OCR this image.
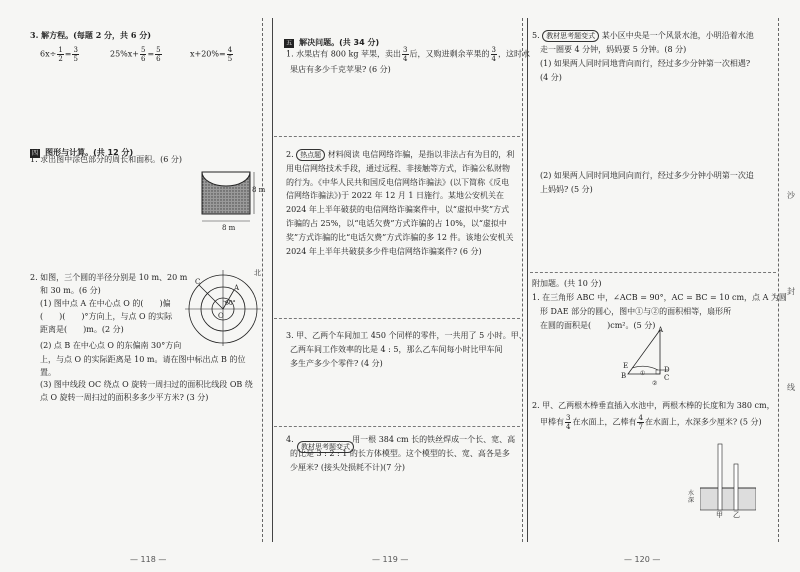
3. 解方程。(每题 2 分，共 6 分)
$6x\div \frac{1}{2} = \frac{3}{5}$	$25\%x+ \frac{5}{6} = \frac{5}{6}$	$x+20\%= \frac{4}{5}$
四 图形与计算。(共 12 分)
1. 求出图中涂色部分的周长和面积。(6 分)
8 m
8 m
2. 如图，三个圆的半径分别是 10 m、20 m
和 30 m。(6 分)
(1) 图中点 A 在中心点 O 的(　　)偏
(　　)(　　)°方向上，与点 O 的实际
距离是(　　)m。(2 分)
(2) 点 B 在中心点 O 的东偏南 30°方向
上，与点 O 的实际距离是 10 m。请在图中标出点 B 的位置。
(3) 图中线段 OC 绕点 O 旋转一周扫过的面积比线段 OB 绕
点 O 旋转一周扫过的面积多多少平方米? (3 分)
北
A
C
O
60°
— 118 —
五 解决问题。(共 34 分)
1. 水果店有 800 kg 苹果，卖出 $\frac{3}{4}$ 后，又购进剩余苹果的 $\frac{3}{4}$ ，这时水
果店有多少千克苹果? (6 分)
2. 热点题 材料阅读 电信网络诈骗，是指以非法占有为目的，利用电信网络技术手段，通过远程、非接触等方式，诈骗公私财物的行为。《中华人民共和国反电信网络诈骗法》(以下简称《反电信网络诈骗法》)于 2022 年 12 月 1 日施行。某地公安机关在 2024 年上半年破获的电信网络诈骗案件中，以“虚拟中奖”方式诈骗的占 25%，以“电话欠费”方式诈骗的占 10%，以“虚拟中奖”方式诈骗的比“电话欠费”方式诈骗的多 12 件。该地公安机关 2024 年上半年共破获多少件电信网络诈骗案件? (6 分)
3. 甲、乙两个车间加工 450 个同样的零件，一共用了 5 小时。甲、
乙两车间工作效率的比是 4 : 5，那么乙车间每小时比甲车间
多生产多少个零件? (4 分)
4. 　　　　　　　用一根 384 cm 长的铁丝焊成一个长、宽、高
教材思考题变式
的比是 3 : 2 : 1 的长方体模型。这个模型的长、宽、高各是多
少厘米? (接头处损耗不计)(7 分)
— 119 —
5. 教材思考题变式 某小区中央是一个风景水池，小明沿着水池
走一圈要 4 分钟，妈妈要 5 分钟。(8 分)
(1) 如果两人同时同地背向而行，经过多少分钟第一次相遇?
(4 分)
(2) 如果两人同时同地同向而行，经过多少分钟小明第一次追
上妈妈? (5 分)
附加题。(共 10 分)
1. 在三角形 ABC 中，∠ACB = 90°，AC = BC = 10 cm，点 A 为圆
形 DAE 部分的圆心，图中①与②的面积相等，扇形所
在圆的面积是(　　)cm²。(5 分)
E
B
A
D
C
①
②
2. 甲、乙两根木棒垂直插入水池中，两根木棒的长度和为 380 cm，
甲棒有 $\frac{3}{4}$ 在水面上，乙棒有 $\frac{4}{7}$ 在水面上，水深多少厘米? (5 分)
水深
甲 乙
— 120 —
沙
封
线
